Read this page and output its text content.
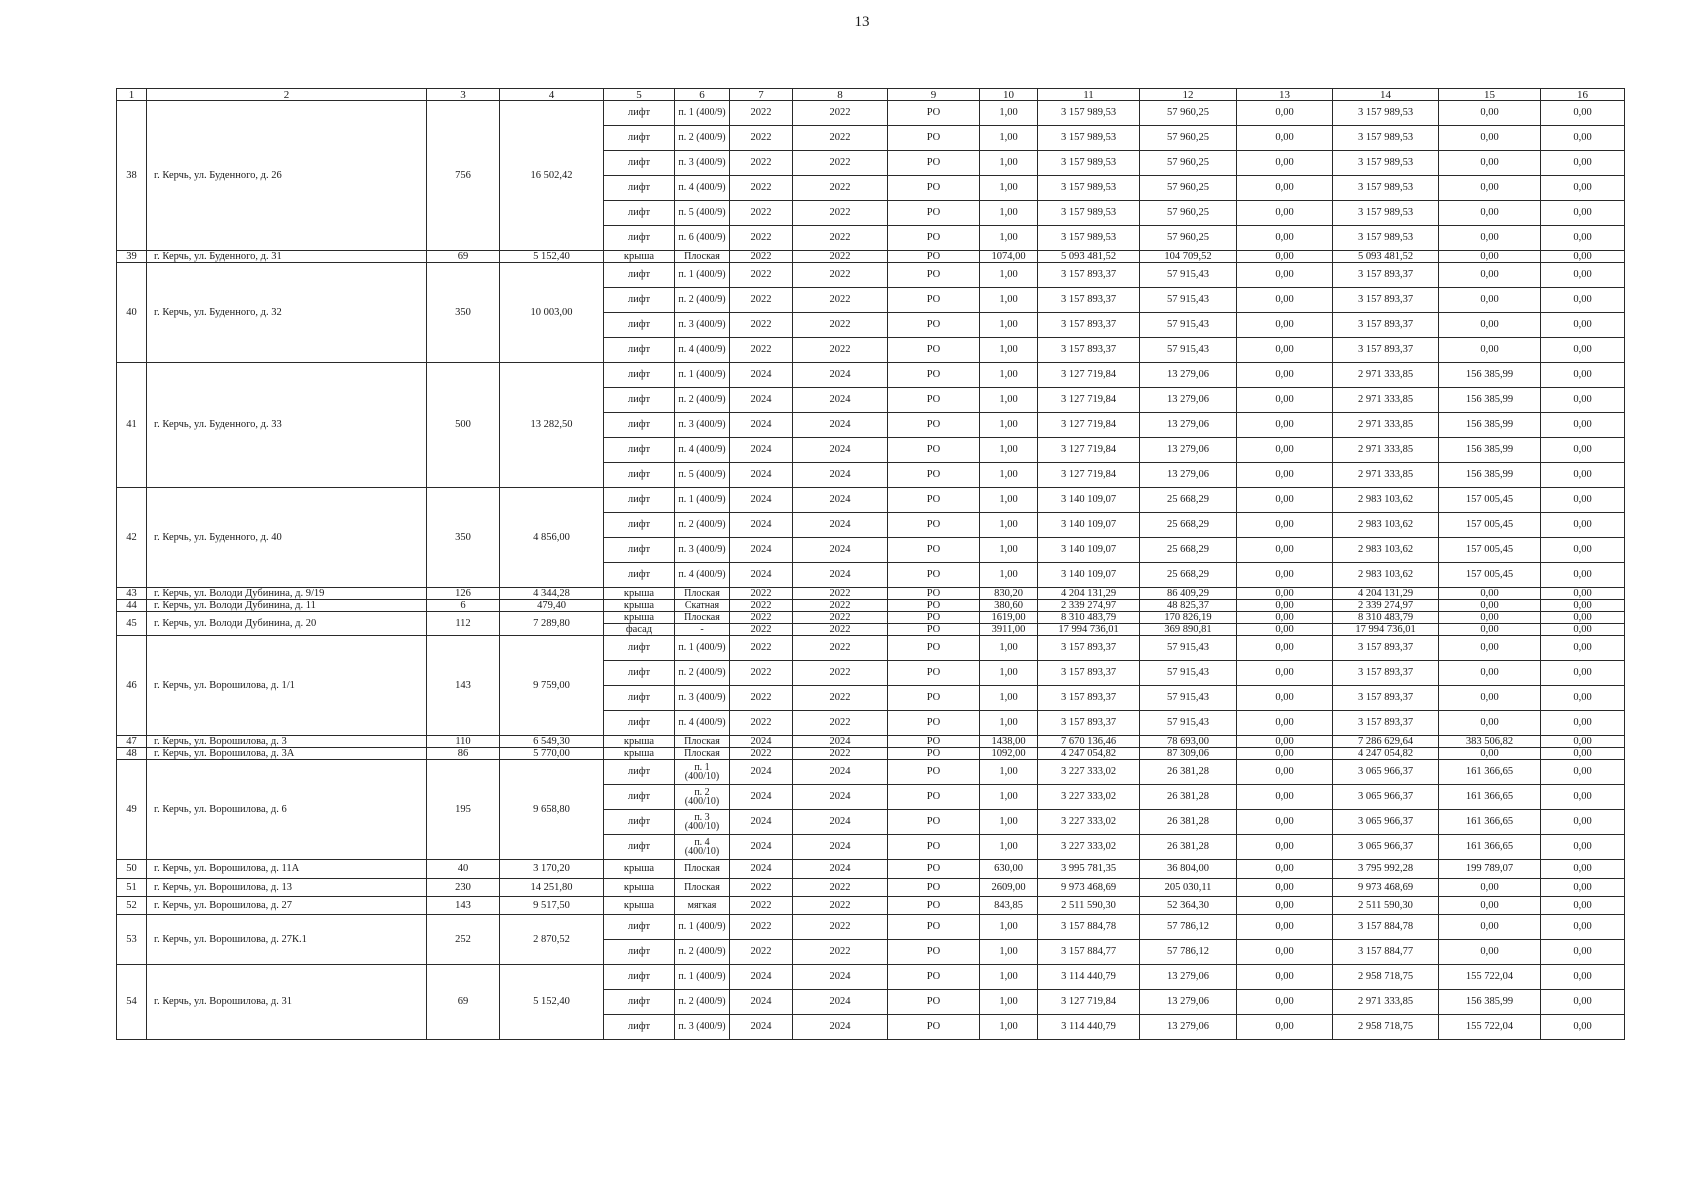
13
1	2	3	4	5	6	7	8	9	10	11	12	13	14	15	16
38	г. Керчь, ул. Буденного, д. 26	756	16 502,42	лифт	п. 1 (400/9)	2022	2022	РО	1,00	3 157 989,53	57 960,25	0,00	3 157 989,53	0,00	0,00
				лифт	п. 2 (400/9)	2022	2022	РО	1,00	3 157 989,53	57 960,25	0,00	3 157 989,53	0,00	0,00
				лифт	п. 3 (400/9)	2022	2022	РО	1,00	3 157 989,53	57 960,25	0,00	3 157 989,53	0,00	0,00
				лифт	п. 4 (400/9)	2022	2022	РО	1,00	3 157 989,53	57 960,25	0,00	3 157 989,53	0,00	0,00
				лифт	п. 5 (400/9)	2022	2022	РО	1,00	3 157 989,53	57 960,25	0,00	3 157 989,53	0,00	0,00
				лифт	п. 6 (400/9)	2022	2022	РО	1,00	3 157 989,53	57 960,25	0,00	3 157 989,53	0,00	0,00
39	г. Керчь, ул. Буденного, д. 31	69	5 152,40	крыша	Плоская	2022	2022	РО	1074,00	5 093 481,52	104 709,52	0,00	5 093 481,52	0,00	0,00
40	г. Керчь, ул. Буденного, д. 32	350	10 003,00	лифт	п. 1 (400/9)	2022	2022	РО	1,00	3 157 893,37	57 915,43	0,00	3 157 893,37	0,00	0,00
				лифт	п. 2 (400/9)	2022	2022	РО	1,00	3 157 893,37	57 915,43	0,00	3 157 893,37	0,00	0,00
				лифт	п. 3 (400/9)	2022	2022	РО	1,00	3 157 893,37	57 915,43	0,00	3 157 893,37	0,00	0,00
				лифт	п. 4 (400/9)	2022	2022	РО	1,00	3 157 893,37	57 915,43	0,00	3 157 893,37	0,00	0,00
41	г. Керчь, ул. Буденного, д. 33	500	13 282,50	лифт	п. 1 (400/9)	2024	2024	РО	1,00	3 127 719,84	13 279,06	0,00	2 971 333,85	156 385,99	0,00
				лифт	п. 2 (400/9)	2024	2024	РО	1,00	3 127 719,84	13 279,06	0,00	2 971 333,85	156 385,99	0,00
				лифт	п. 3 (400/9)	2024	2024	РО	1,00	3 127 719,84	13 279,06	0,00	2 971 333,85	156 385,99	0,00
				лифт	п. 4 (400/9)	2024	2024	РО	1,00	3 127 719,84	13 279,06	0,00	2 971 333,85	156 385,99	0,00
				лифт	п. 5 (400/9)	2024	2024	РО	1,00	3 127 719,84	13 279,06	0,00	2 971 333,85	156 385,99	0,00
42	г. Керчь, ул. Буденного, д. 40	350	4 856,00	лифт	п. 1 (400/9)	2024	2024	РО	1,00	3 140 109,07	25 668,29	0,00	2 983 103,62	157 005,45	0,00
				лифт	п. 2 (400/9)	2024	2024	РО	1,00	3 140 109,07	25 668,29	0,00	2 983 103,62	157 005,45	0,00
				лифт	п. 3 (400/9)	2024	2024	РО	1,00	3 140 109,07	25 668,29	0,00	2 983 103,62	157 005,45	0,00
				лифт	п. 4 (400/9)	2024	2024	РО	1,00	3 140 109,07	25 668,29	0,00	2 983 103,62	157 005,45	0,00
43	г. Керчь, ул. Володи Дубинина, д. 9/19	126	4 344,28	крыша	Плоская	2022	2022	РО	830,20	4 204 131,29	86 409,29	0,00	4 204 131,29	0,00	0,00
44	г. Керчь, ул. Володи Дубинина, д. 11	6	479,40	крыша	Скатная	2022	2022	РО	380,60	2 339 274,97	48 825,37	0,00	2 339 274,97	0,00	0,00
45	г. Керчь, ул. Володи Дубинина, д. 20	112	7 289,80	крыша	Плоская	2022	2022	РО	1619,00	8 310 483,79	170 826,19	0,00	8 310 483,79	0,00	0,00
				фасад	-	2022	2022	РО	3911,00	17 994 736,01	369 890,81	0,00	17 994 736,01	0,00	0,00
46	г. Керчь, ул. Ворошилова, д. 1/1	143	9 759,00	лифт	п. 1 (400/9)	2022	2022	РО	1,00	3 157 893,37	57 915,43	0,00	3 157 893,37	0,00	0,00
				лифт	п. 2 (400/9)	2022	2022	РО	1,00	3 157 893,37	57 915,43	0,00	3 157 893,37	0,00	0,00
				лифт	п. 3 (400/9)	2022	2022	РО	1,00	3 157 893,37	57 915,43	0,00	3 157 893,37	0,00	0,00
				лифт	п. 4 (400/9)	2022	2022	РО	1,00	3 157 893,37	57 915,43	0,00	3 157 893,37	0,00	0,00
47	г. Керчь, ул. Ворошилова, д. 3	110	6 549,30	крыша	Плоская	2024	2024	РО	1438,00	7 670 136,46	78 693,00	0,00	7 286 629,64	383 506,82	0,00
48	г. Керчь, ул. Ворошилова, д. 3А	86	5 770,00	крыша	Плоская	2022	2022	РО	1092,00	4 247 054,82	87 309,06	0,00	4 247 054,82	0,00	0,00
49	г. Керчь, ул. Ворошилова, д. 6	195	9 658,80	лифт	п. 1 (400/10)	2024	2024	РО	1,00	3 227 333,02	26 381,28	0,00	3 065 966,37	161 366,65	0,00
				лифт	п. 2 (400/10)	2024	2024	РО	1,00	3 227 333,02	26 381,28	0,00	3 065 966,37	161 366,65	0,00
				лифт	п. 3 (400/10)	2024	2024	РО	1,00	3 227 333,02	26 381,28	0,00	3 065 966,37	161 366,65	0,00
				лифт	п. 4 (400/10)	2024	2024	РО	1,00	3 227 333,02	26 381,28	0,00	3 065 966,37	161 366,65	0,00
50	г. Керчь, ул. Ворошилова, д. 11А	40	3 170,20	крыша	Плоская	2024	2024	РО	630,00	3 995 781,35	36 804,00	0,00	3 795 992,28	199 789,07	0,00
51	г. Керчь, ул. Ворошилова, д. 13	230	14 251,80	крыша	Плоская	2022	2022	РО	2609,00	9 973 468,69	205 030,11	0,00	9 973 468,69	0,00	0,00
52	г. Керчь, ул. Ворошилова, д. 27	143	9 517,50	крыша	мягкая	2022	2022	РО	843,85	2 511 590,30	52 364,30	0,00	2 511 590,30	0,00	0,00
53	г. Керчь, ул. Ворошилова, д. 27К.1	252	2 870,52	лифт	п. 1 (400/9)	2022	2022	РО	1,00	3 157 884,78	57 786,12	0,00	3 157 884,78	0,00	0,00
				лифт	п. 2 (400/9)	2022	2022	РО	1,00	3 157 884,77	57 786,12	0,00	3 157 884,77	0,00	0,00
54	г. Керчь, ул. Ворошилова, д. 31	69	5 152,40	лифт	п. 1 (400/9)	2024	2024	РО	1,00	3 114 440,79	13 279,06	0,00	2 958 718,75	155 722,04	0,00
				лифт	п. 2 (400/9)	2024	2024	РО	1,00	3 127 719,84	13 279,06	0,00	2 971 333,85	156 385,99	0,00
				лифт	п. 3 (400/9)	2024	2024	РО	1,00	3 114 440,79	13 279,06	0,00	2 958 718,75	155 722,04	0,00
